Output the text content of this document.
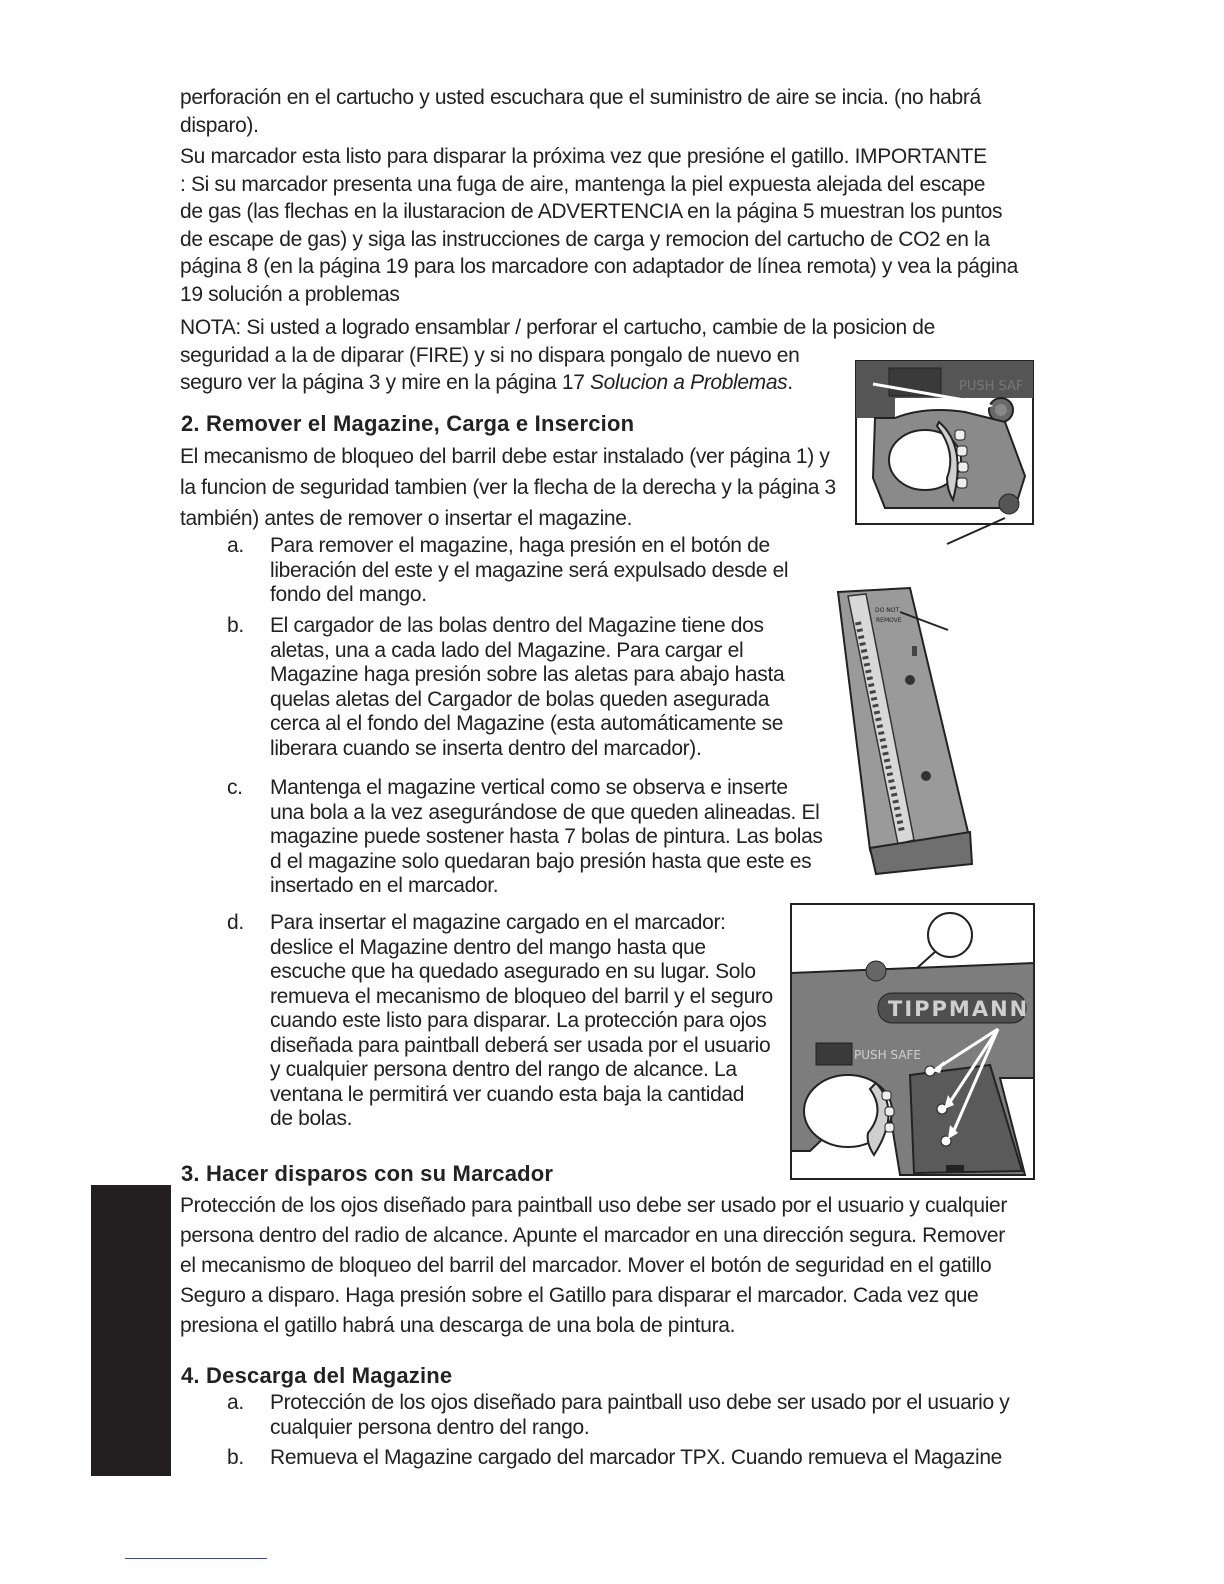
perforación en el cartucho y usted escuchara que el suministro de aire se incia. (no habrá
disparo).
Su marcador esta listo para disparar la próxima vez que presióne el gatillo. IMPORTANTE
: Si su marcador presenta una fuga de aire, mantenga la piel expuesta alejada del escape
de gas (las flechas en la ilustaracion de ADVERTENCIA en la página 5 muestran los puntos
de escape de gas) y siga las instrucciones de carga y remocion del cartucho de CO2 en la
página 8 (en la página 19 para los marcadore con adaptador de línea remota) y vea la página
19 solución a problemas
NOTA: Si usted a logrado ensamblar / perforar el cartucho, cambie de la posicion de
seguridad a la de diparar (FIRE) y si no dispara pongalo de nuevo en
seguro ver la página 3 y mire en la página 17 Solucion a Problemas.
2. Remover el Magazine, Carga e Insercion
El mecanismo de bloqueo del barril debe estar instalado (ver página 1) y
la funcion de seguridad tambien (ver la flecha de la derecha y la página 3
también) antes de remover o insertar el magazine.
a. Para remover el magazine, haga presión en el botón de
liberación del este y el magazine será expulsado desde el
fondo del mango.
b. El cargador de las bolas dentro del Magazine tiene dos
aletas, una a cada lado del Magazine. Para cargar el
Magazine haga presión sobre las aletas para abajo hasta
quelas aletas del Cargador de bolas queden asegurada
cerca al el fondo del Magazine (esta automáticamente se
liberara cuando se inserta dentro del marcador).
c. Mantenga el magazine vertical como se observa e inserte
una bola a la vez asegurándose de que queden alineadas. El
magazine puede sostener hasta 7 bolas de pintura. Las bolas
d el magazine solo quedaran bajo presión hasta que este es
insertado en el marcador.
d. Para insertar el magazine cargado en el marcador:
deslice el Magazine dentro del mango hasta que
escuche que ha quedado asegurado en su lugar. Solo
remueva el mecanismo de bloqueo del barril y el seguro
cuando este listo para disparar. La protección para ojos
diseñada para paintball deberá ser usada por el usuario
y cualquier persona dentro del rango de alcance. La
ventana le permitirá ver cuando esta baja la cantidad
de bolas.
3. Hacer disparos con su Marcador
Protección de los ojos diseñado para paintball uso debe ser usado por el usuario y cualquier
persona dentro del radio de alcance. Apunte el marcador en una dirección segura. Remover
el mecanismo de bloqueo del barril del marcador. Mover el botón de seguridad en el gatillo
Seguro a disparo. Haga presión sobre el Gatillo para disparar el marcador. Cada vez que
presiona el gatillo habrá una descarga de una bola de pintura.
4. Descarga del Magazine
a. Protección de los ojos diseñado para paintball uso debe ser usado por el usuario y
cualquier persona dentro del rango.
b. Remueva el Magazine cargado del marcador TPX. Cuando remueva el Magazine
PUSH SAF
DO NOT
REMOVE
TIPPMANN
PUSH SAFE
